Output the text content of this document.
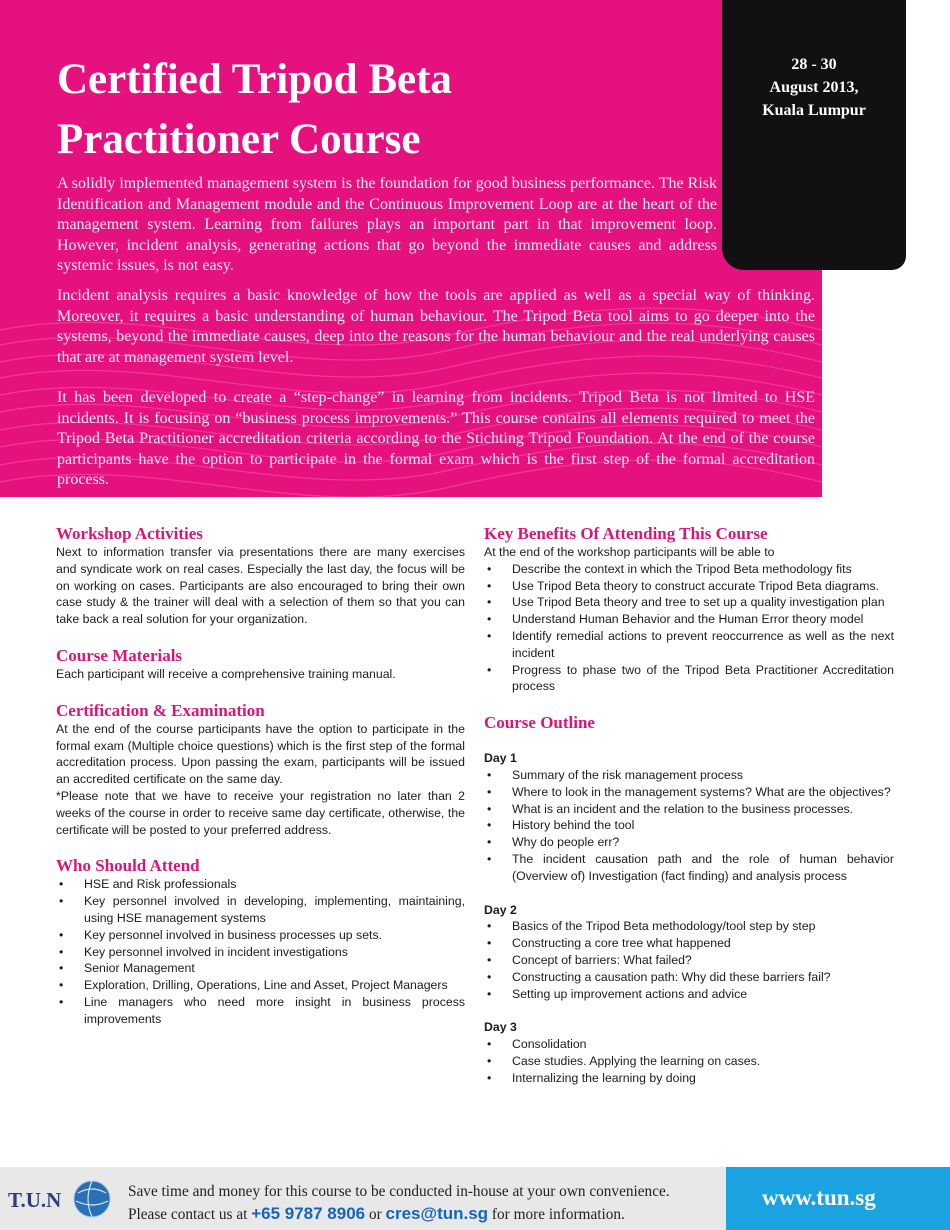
Certified Tripod Beta
Practitioner Course

A solidly implemented management system is the foundation for good business performance. The Risk Identification and Management module and the Continuous Improvement Loop are at the heart of the management system. Learning from failures plays an important part in that improvement loop. However, incident analysis, generating actions that go beyond the immediate causes and address systemic issues, is not easy.

Incident analysis requires a basic knowledge of how the tools are applied as well as a special way of thinking. Moreover, it requires a basic understanding of human behaviour. The Tripod Beta tool aims to go deeper into the systems, beyond the immediate causes, deep into the reasons for the human behaviour and the real underlying causes that are at management system level.

It has been developed to create a “step-change” in learning from incidents. Tripod Beta is not limited to HSE incidents. It is focusing on “business process improvements.” This course contains all elements required to meet the Tripod Beta Practitioner accreditation criteria according to the Stichting Tripod Foundation. At the end of the course participants have the option to participate in the formal exam which is the first step of the formal accreditation process.

28 - 30
August 2013,
Kuala Lumpur
Workshop Activities

Next to information transfer via presentations there are many exercises and syndicate work on real cases. Especially the last day, the focus will be on working on cases. Participants are also encouraged to bring their own case study & the trainer will deal with a selection of them so that you can take back a real solution for your organization.

Course Materials

Each participant will receive a comprehensive training manual.

Certification & Examination

At the end of the course participants have the option to participate in the formal exam (Multiple choice questions) which is the first step of the formal accreditation process. Upon passing the exam, participants will be issued an accredited certificate on the same day.

*Please note that we have to receive your registration no later than 2 weeks of the course in order to receive same day certificate, otherwise, the certificate will be posted to your preferred address.

Who Should Attend
• HSE and Risk professionals
• Key personnel involved in developing, implementing, maintaining, using HSE management systems
• Key personnel involved in business processes up sets.
• Key personnel involved in incident investigations
• Senior Management
• Exploration, Drilling, Operations, Line and Asset, Project Managers
• Line managers who need more insight in business process improvements
Key Benefits Of Attending This Course

At the end of the workshop participants will be able to

• Describe the context in which the Tripod Beta methodology fits
• Use Tripod Beta theory to construct accurate Tripod Beta diagrams.
• Use Tripod Beta theory and tree to set up a quality investigation plan
• Understand Human Behavior and the Human Error theory model
• Identify remedial actions to prevent reoccurrence as well as the next incident
• Progress to phase two of the Tripod Beta Practitioner Accreditation process
Course Outline
Day 1
• Summary of the risk management process
• Where to look in the management systems? What are the objectives?
• What is an incident and the relation to the business processes.
• History behind the tool
• Why do people err?
• The incident causation path and the role of human behavior (Overview of) Investigation (fact finding) and analysis process
Day 2
• Basics of the Tripod Beta methodology/tool step by step
• Constructing a core tree what happened
• Concept of barriers: What failed?
• Constructing a causation path: Why did these barriers fail?
• Setting up improvement actions and advice
Day 3
• Consolidation
• Case studies. Applying the learning on cases.
• Internalizing the learning by doing
T.U.N	Save time and money for this course to be conducted in-house at your own convenience.
Please contact us at +65 9787 8906 or cres@tun.sg for more information.
www.tun.sg
